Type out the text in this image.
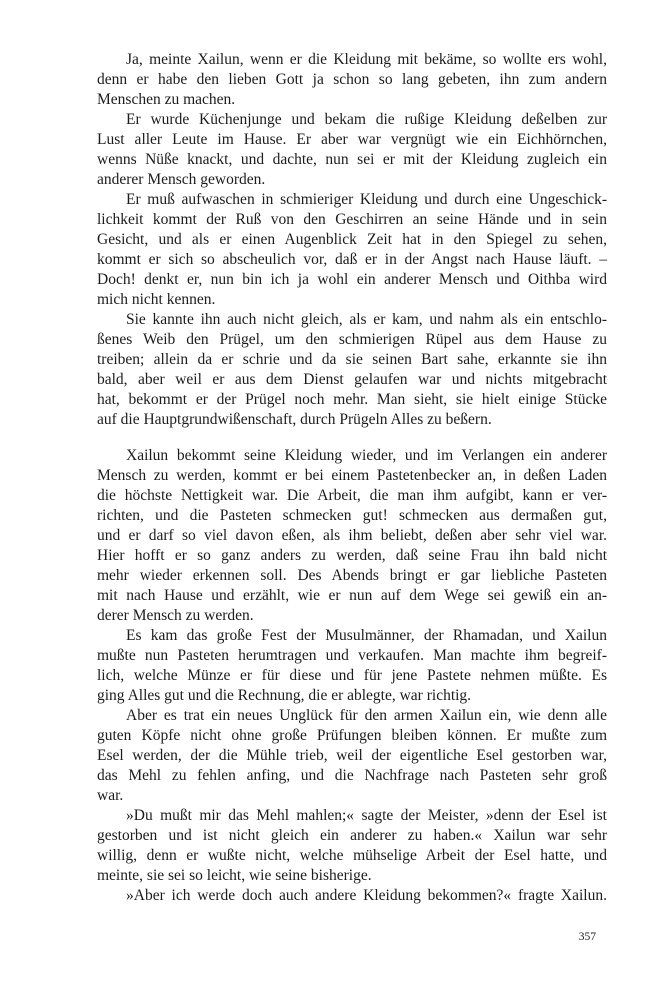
Ja, meinte Xailun, wenn er die Kleidung mit bekäme, so wollte ers wohl,
denn er habe den lieben Gott ja schon so lang gebeten, ihn zum andern
Menschen zu machen.
Er wurde Küchenjunge und bekam die rußige Kleidung deßelben zur
Lust aller Leute im Hause. Er aber war vergnügt wie ein Eichhörnchen,
wenns Nüße knackt, und dachte, nun sei er mit der Kleidung zugleich ein
anderer Mensch geworden.
Er muß aufwaschen in schmieriger Kleidung und durch eine Ungeschick-
lichkeit kommt der Ruß von den Geschirren an seine Hände und in sein
Gesicht, und als er einen Augenblick Zeit hat in den Spiegel zu sehen,
kommt er sich so abscheulich vor, daß er in der Angst nach Hause läuft. –
Doch! denkt er, nun bin ich ja wohl ein anderer Mensch und Oithba wird
mich nicht kennen.
Sie kannte ihn auch nicht gleich, als er kam, und nahm als ein entschlo-
ßenes Weib den Prügel, um den schmierigen Rüpel aus dem Hause zu
treiben; allein da er schrie und da sie seinen Bart sahe, erkannte sie ihn
bald, aber weil er aus dem Dienst gelaufen war und nichts mitgebracht
hat, bekommt er der Prügel noch mehr. Man sieht, sie hielt einige Stücke
auf die Hauptgrundwißenschaft, durch Prügeln Alles zu beßern.
Xailun bekommt seine Kleidung wieder, und im Verlangen ein anderer
Mensch zu werden, kommt er bei einem Pastetenbecker an, in deßen Laden
die höchste Nettigkeit war. Die Arbeit, die man ihm aufgibt, kann er ver-
richten, und die Pasteten schmecken gut! schmecken aus dermaßen gut,
und er darf so viel davon eßen, als ihm beliebt, deßen aber sehr viel war.
Hier hofft er so ganz anders zu werden, daß seine Frau ihn bald nicht
mehr wieder erkennen soll. Des Abends bringt er gar liebliche Pasteten
mit nach Hause und erzählt, wie er nun auf dem Wege sei gewiß ein an-
derer Mensch zu werden.
Es kam das große Fest der Musulmänner, der Rhamadan, und Xailun
mußte nun Pasteten herumtragen und verkaufen. Man machte ihm begreif-
lich, welche Münze er für diese und für jene Pastete nehmen müßte. Es
ging Alles gut und die Rechnung, die er ablegte, war richtig.
Aber es trat ein neues Unglück für den armen Xailun ein, wie denn alle
guten Köpfe nicht ohne große Prüfungen bleiben können. Er mußte zum
Esel werden, der die Mühle trieb, weil der eigentliche Esel gestorben war,
das Mehl zu fehlen anfing, und die Nachfrage nach Pasteten sehr groß
war.
»Du mußt mir das Mehl mahlen;« sagte der Meister, »denn der Esel ist
gestorben und ist nicht gleich ein anderer zu haben.« Xailun war sehr
willig, denn er wußte nicht, welche mühselige Arbeit der Esel hatte, und
meinte, sie sei so leicht, wie seine bisherige.
»Aber ich werde doch auch andere Kleidung bekommen?« fragte Xailun.
357
